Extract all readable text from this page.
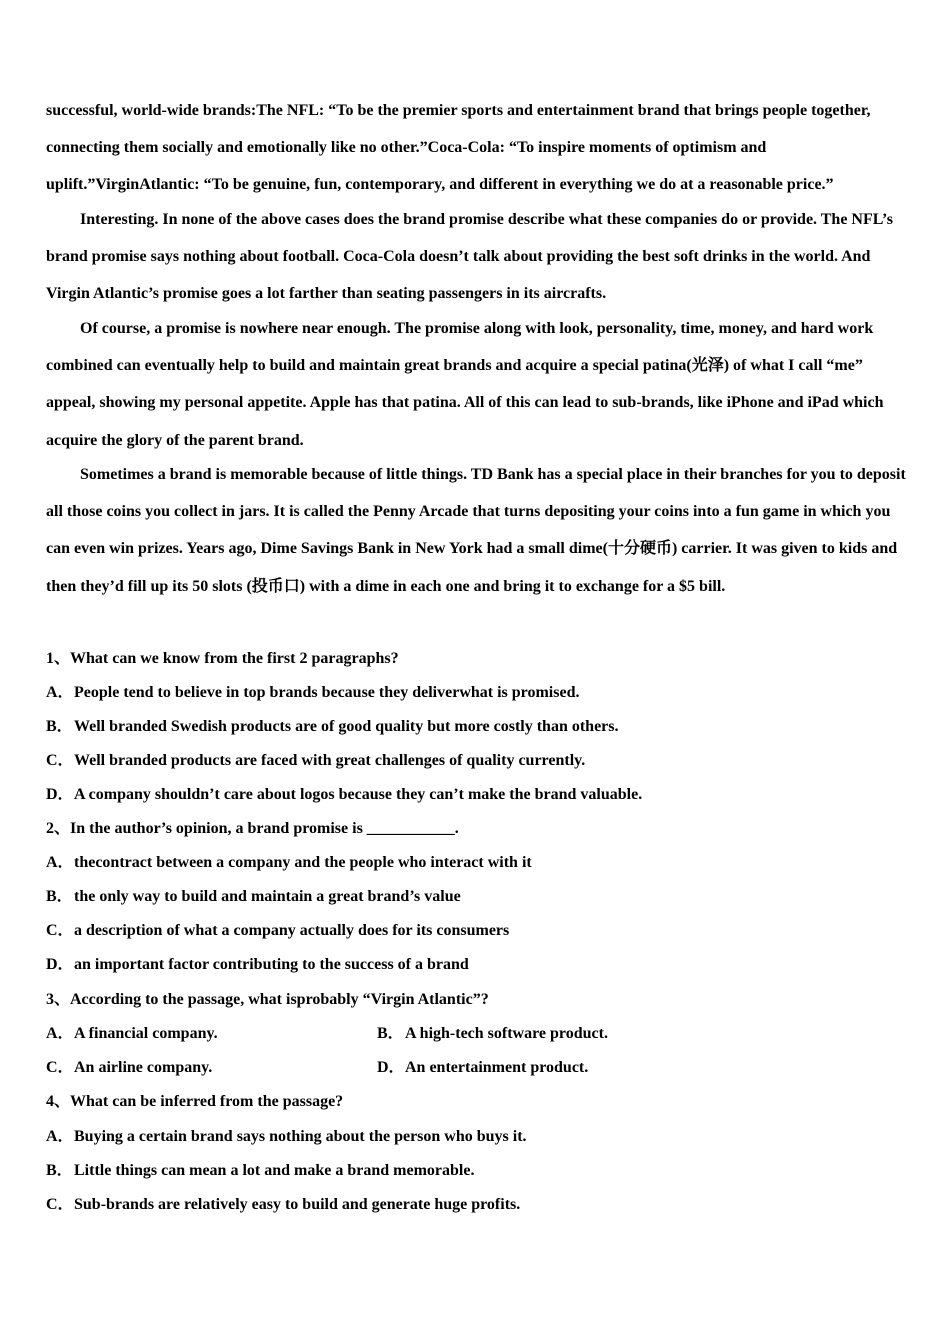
successful, world-wide brands:The NFL: “To be the premier sports and entertainment brand that brings people together, connecting them socially and emotionally like no other.”Coca-Cola: “To inspire moments of optimism and uplift.”VirginAtlantic: “To be genuine, fun, contemporary, and different in everything we do at a reasonable price.”

Interesting. In none of the above cases does the brand promise describe what these companies do or provide. The NFL’s brand promise says nothing about football. Coca-Cola doesn’t talk about providing the best soft drinks in the world. And Virgin Atlantic’s promise goes a lot farther than seating passengers in its aircrafts.

Of course, a promise is nowhere near enough. The promise along with look, personality, time, money, and hard work combined can eventually help to build and maintain great brands and acquire a special patina(光泽) of what I call “me” appeal, showing my personal appetite. Apple has that patina. All of this can lead to sub-brands, like iPhone and iPad which acquire the glory of the parent brand.

Sometimes a brand is memorable because of little things. TD Bank has a special place in their branches for you to deposit all those coins you collect in jars. It is called the Penny Arcade that turns depositing your coins into a fun game in which you can even win prizes. Years ago, Dime Savings Bank in New York had a small dime(十分硬币) carrier. It was given to kids and then they’d fill up its 50 slots (投币口) with a dime in each one and bring it to exchange for a $5 bill.

1、What can we know from the first 2 paragraphs?

A．People tend to believe in top brands because they deliverwhat is promised.

B．Well branded Swedish products are of good quality but more costly than others.

C．Well branded products are faced with great challenges of quality currently.

D．A company shouldn’t care about logos because they can’t make the brand valuable.

2、In the author’s opinion, a brand promise is ___________.

A．thecontract between a company and the people who interact with it

B．the only way to build and maintain a great brand’s value

C．a description of what a company actually does for its consumers

D．an important factor contributing to the success of a brand

3、According to the passage, what isprobably “Virgin Atlantic”?

A．A financial company.	B．A high-tech software product.

C．An airline company.	D．An entertainment product.

4、What can be inferred from the passage?

A．Buying a certain brand says nothing about the person who buys it.

B．Little things can mean a lot and make a brand memorable.

C．Sub-brands are relatively easy to build and generate huge profits.
